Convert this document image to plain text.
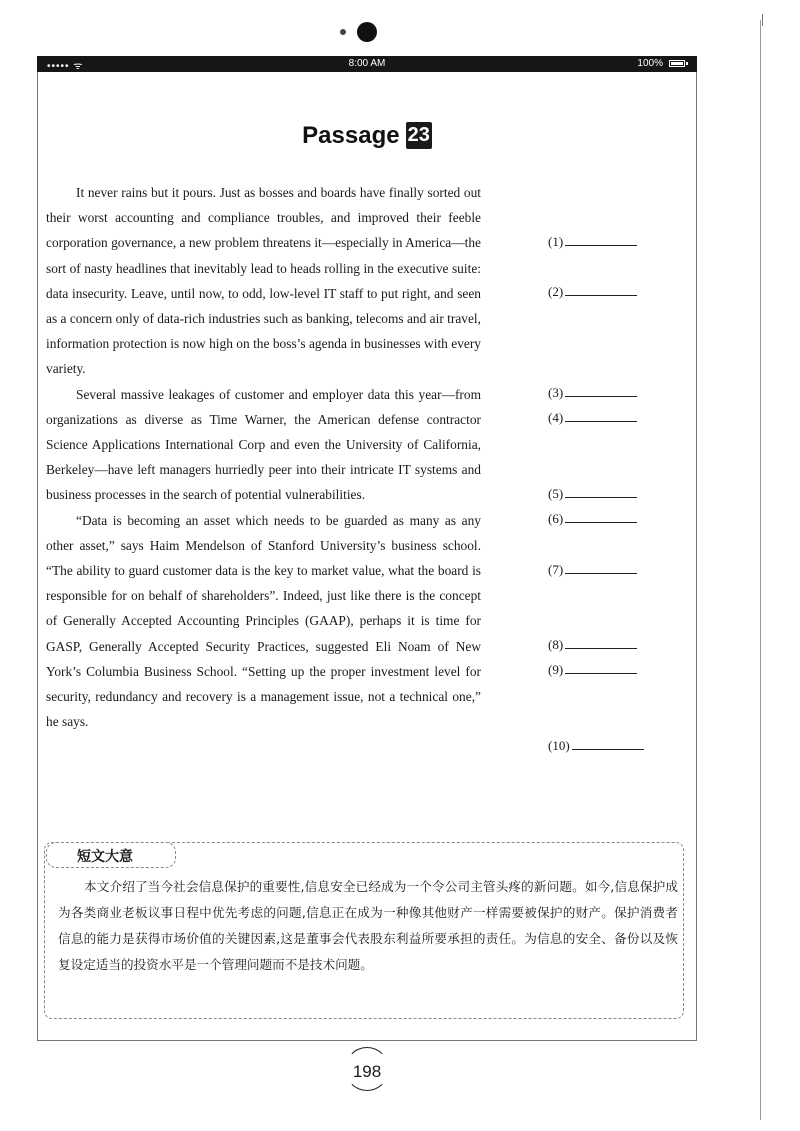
••••• ᯤ	8:00 AM	100%
Passage 23

It never rains but it pours. Just as bosses and boards have finally sorted out their worst accounting and compliance troubles, and improved their feeble corporation governance, a new problem threatens it—especially in America—the sort of nasty headlines that inevitably lead to heads rolling in the executive suite: data insecurity. Leave, until now, to odd, low-level IT staff to put right, and seen as a concern only of data-rich industries such as banking, telecoms and air travel, information protection is now high on the boss’s agenda in businesses with every variety.

Several massive leakages of customer and employer data this year—from organizations as diverse as Time Warner, the American defense contractor Science Applications International Corp and even the University of California, Berkeley—have left managers hurriedly peer into their intricate IT systems and business processes in the search of potential vulnerabilities.

“Data is becoming an asset which needs to be guarded as many as any other asset,” says Haim Mendelson of Stanford University’s business school. “The ability to guard customer data is the key to market value, what the board is responsible for on behalf of shareholders”. Indeed, just like there is the concept of Generally Accepted Accounting Principles (GAAP), perhaps it is time for GASP, Generally Accepted Security Practices, suggested Eli Noam of New York’s Columbia Business School. “Setting up the proper investment level for security, redundancy and recovery is a management issue, not a technical one,” he says.

(1)
(2)
(3)
(4)
(5)
(6)
(7)
(8)
(9)
(10)
短文大意

本文介绍了当今社会信息保护的重要性,信息安全已经成为一个令公司主管头疼的新问题。如今,信息保护成为各类商业老板议事日程中优先考虑的问题,信息正在成为一种像其他财产一样需要被保护的财产。保护消费者信息的能力是获得市场价值的关键因素,这是董事会代表股东利益所要承担的责任。为信息的安全、备份以及恢复设定适当的投资水平是一个管理问题而不是技术问题。

198
